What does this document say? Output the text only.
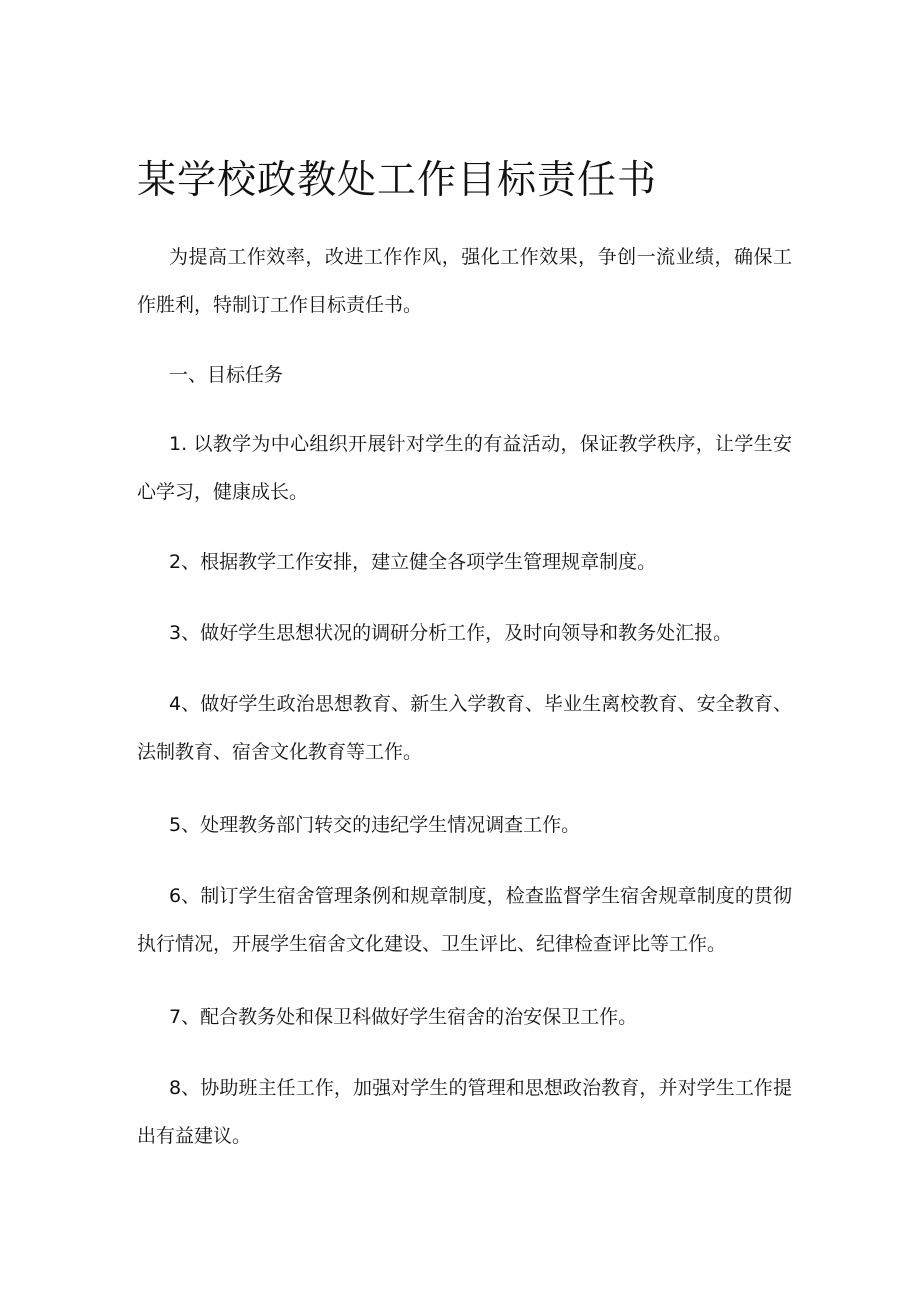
某学校政教处工作目标责任书

为提高工作效率，改进工作作风，强化工作效果，争创一流业绩，确保工作胜利，特制订工作目标责任书。

一、目标任务

1. 以教学为中心组织开展针对学生的有益活动，保证教学秩序，让学生安心学习，健康成长。

2、根据教学工作安排，建立健全各项学生管理规章制度。

3、做好学生思想状况的调研分析工作，及时向领导和教务处汇报。

4、做好学生政治思想教育、新生入学教育、毕业生离校教育、安全教育、法制教育、宿舍文化教育等工作。

5、处理教务部门转交的违纪学生情况调查工作。

6、制订学生宿舍管理条例和规章制度，检查监督学生宿舍规章制度的贯彻执行情况，开展学生宿舍文化建设、卫生评比、纪律检查评比等工作。

7、配合教务处和保卫科做好学生宿舍的治安保卫工作。

8、协助班主任工作，加强对学生的管理和思想政治教育，并对学生工作提出有益建议。
